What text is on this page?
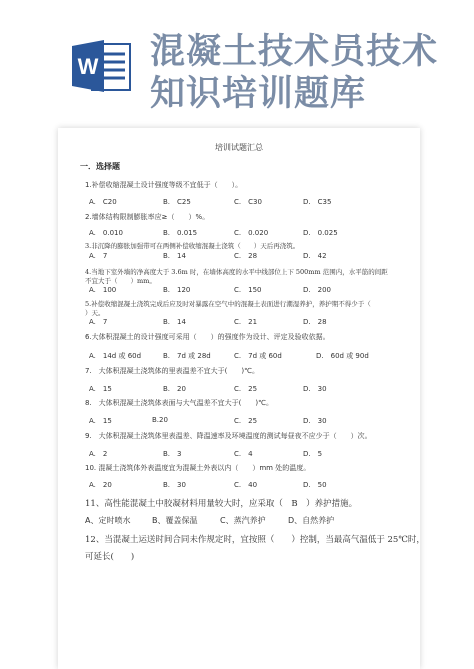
W 混凝土技术员技术
知识培训题库
培训试题汇总
一．选择题
1.补偿收缩混凝土设计强度等级不宜低于（　　）。
A.　C20	B.　C25	C.　C30	D.　C35
2.墙体结构限制膨胀率应≥（　　）%。
A.　0.010	B.　0.015	C.　0.020	D.　0.025
3.非沉降的膨胀加强带可在两侧补偿收缩混凝土浇筑（　　）天后再浇筑。
A.　7	B.　14	C.　28	D.　42
4.当地下室外墙的净高度大于 3.6m 时，在墙体高度的水平中线部位上下 500mm 范围内，水平筋的间距
不宜大于（　　）mm。
A.　100	B.　120	C.　150	D.　200
5.补偿收缩混凝土浇筑完成后应及时对暴露在空气中的混凝土表面进行潮湿养护，养护期不得少于（
）天。
A.　7	B.　14	C.　21	D.　28
6.大体积混凝土的设计强度可采用（　　）的强度作为设计、评定及验收依据。
A.　14d 或 60d	B.　7d 或 28d	C.　7d 或 60d	D.　60d 或 90d
7.　大体积混凝土浇筑体的里表温差不宜大于(　　)℃。
A.　15	B.　20	C.　25	D.　30
8.　大体积混凝土浇筑体表面与大气温差不宜大于(　　)℃。
A.　15	B.20	C.　25	D.　30
9.　大体积混凝土浇筑体里表温差、降温速率及环境温度的测试每昼夜不应少于（　　）次。
A.　2	B.　3	C.　4	D.　5
10. 混凝土浇筑体外表温度宜为混凝土外表以内（　　）mm 处的温度。
A.　20	B.　30	C.　40	D.　50
11、高性能混凝土中胶凝材料用量较大时，应采取（　B　）养护措施。
A、定时喷水	B、覆盖保温	C、蒸汽养护	D、自然养护
12、当混凝土运送时间合同未作规定时，宜按照（　　）控制，当最高气温低于 25℃时，
可延长(　　)
